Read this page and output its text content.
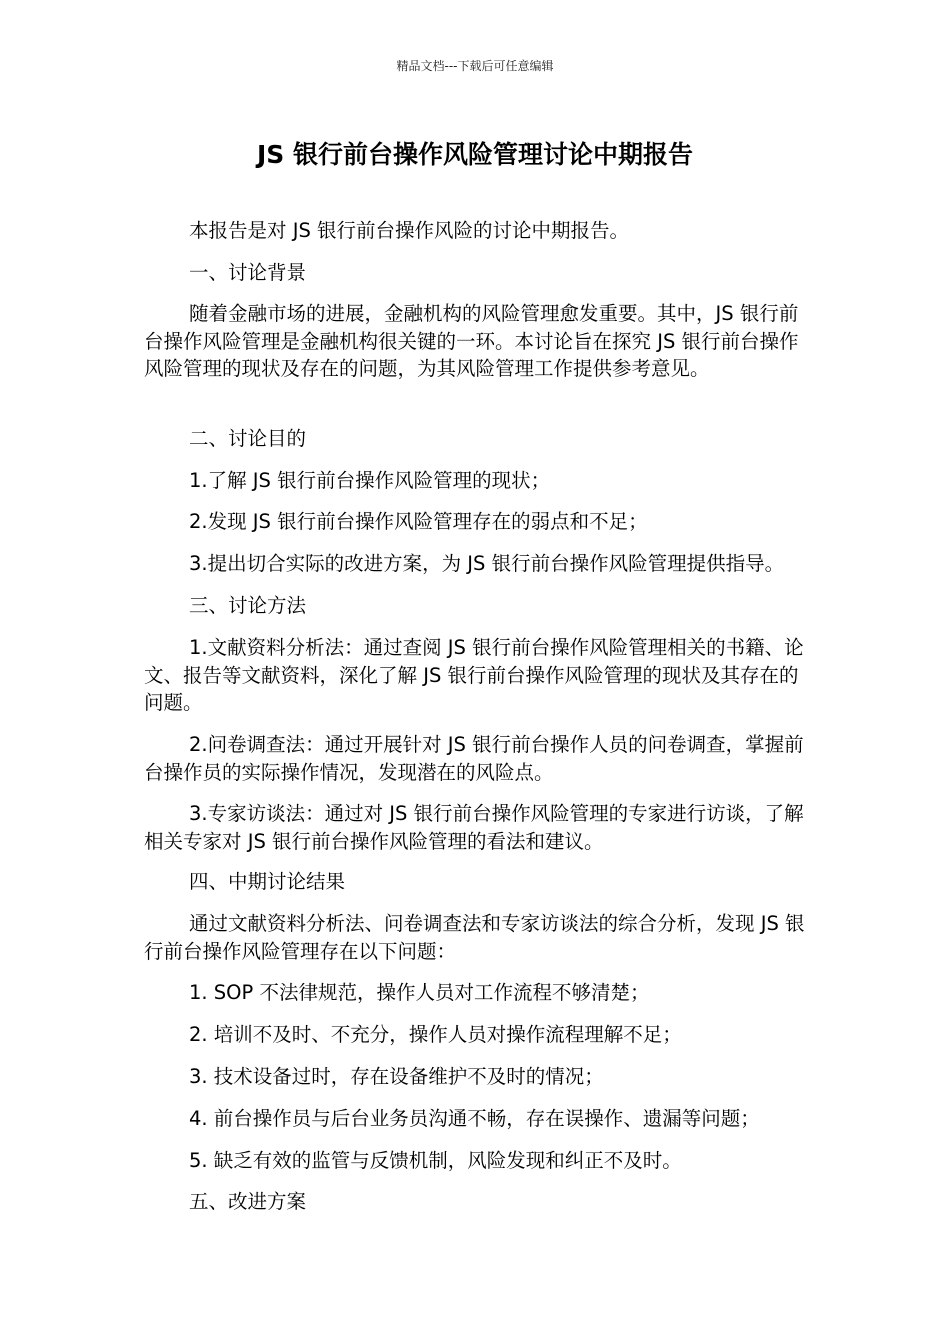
精品文档---下载后可任意编辑
JS 银行前台操作风险管理讨论中期报告

本报告是对 JS 银行前台操作风险的讨论中期报告。

一、讨论背景

随着金融市场的进展，金融机构的风险管理愈发重要。其中，JS 银行前台操作风险管理是金融机构很关键的一环。本讨论旨在探究 JS 银行前台操作风险管理的现状及存在的问题，为其风险管理工作提供参考意见。

二、讨论目的

1.了解 JS 银行前台操作风险管理的现状；

2.发现 JS 银行前台操作风险管理存在的弱点和不足；

3.提出切合实际的改进方案，为 JS 银行前台操作风险管理提供指导。

三、讨论方法

1.文献资料分析法：通过查阅 JS 银行前台操作风险管理相关的书籍、论文、报告等文献资料，深化了解 JS 银行前台操作风险管理的现状及其存在的问题。

2.问卷调查法：通过开展针对 JS 银行前台操作人员的问卷调查，掌握前台操作员的实际操作情况，发现潜在的风险点。

3.专家访谈法：通过对 JS 银行前台操作风险管理的专家进行访谈，了解相关专家对 JS 银行前台操作风险管理的看法和建议。

四、中期讨论结果

通过文献资料分析法、问卷调查法和专家访谈法的综合分析，发现 JS 银行前台操作风险管理存在以下问题：

1. SOP 不法律规范，操作人员对工作流程不够清楚；

2. 培训不及时、不充分，操作人员对操作流程理解不足；

3. 技术设备过时，存在设备维护不及时的情况；

4. 前台操作员与后台业务员沟通不畅，存在误操作、遗漏等问题；

5. 缺乏有效的监管与反馈机制，风险发现和纠正不及时。

五、改进方案
